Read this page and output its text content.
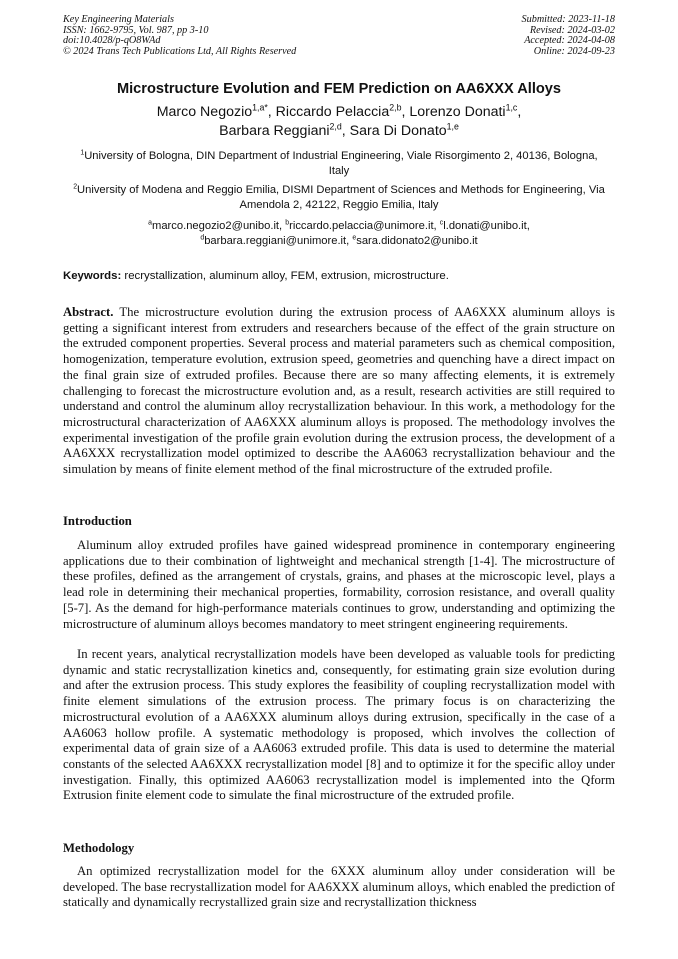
Key Engineering Materials
ISSN: 1662-9795, Vol. 987, pp 3-10
doi:10.4028/p-qO8WAd
© 2024 Trans Tech Publications Ltd, All Rights Reserved
Submitted: 2023-11-18
Revised: 2024-03-02
Accepted: 2024-04-08
Online: 2024-09-23
Microstructure Evolution and FEM Prediction on AA6XXX Alloys
Marco Negozio$^{1,a*}$, Riccardo Pelaccia$^{2,b}$, Lorenzo Donati$^{1,c}$,
Barbara Reggiani$^{2,d}$, Sara Di Donato$^{1,e}$
$^1$University of Bologna, DIN Department of Industrial Engineering, Viale Risorgimento 2, 40136, Bologna, Italy
$^2$University of Modena and Reggio Emilia, DISMI Department of Sciences and Methods for Engineering, Via Amendola 2, 42122, Reggio Emilia, Italy
$^a$marco.negozio2@unibo.it, $^b$riccardo.pelaccia@unimore.it, $^c$l.donati@unibo.it,
$^d$barbara.reggiani@unimore.it, $^e$sara.didonato2@unibo.it
Keywords: recrystallization, aluminum alloy, FEM, extrusion, microstructure.
Abstract. The microstructure evolution during the extrusion process of AA6XXX aluminum alloys is getting a significant interest from extruders and researchers because of the effect of the grain structure on the extruded component properties. Several process and material parameters such as chemical composition, homogenization, temperature evolution, extrusion speed, geometries and quenching have a direct impact on the final grain size of extruded profiles. Because there are so many affecting elements, it is extremely challenging to forecast the microstructure evolution and, as a result, research activities are still required to understand and control the aluminum alloy recrystallization behaviour. In this work, a methodology for the microstructural characterization of AA6XXX aluminum alloys is proposed. The methodology involves the experimental investigation of the profile grain evolution during the extrusion process, the development of a AA6XXX recrystallization model optimized to describe the AA6063 recrystallization behaviour and the simulation by means of finite element method of the final microstructure of the extruded profile.
Introduction
Aluminum alloy extruded profiles have gained widespread prominence in contemporary engineering applications due to their combination of lightweight and mechanical strength [1-4]. The microstructure of these profiles, defined as the arrangement of crystals, grains, and phases at the microscopic level, plays a lead role in determining their mechanical properties, formability, corrosion resistance, and overall quality [5-7]. As the demand for high-performance materials continues to grow, understanding and optimizing the microstructure of aluminum alloys becomes mandatory to meet stringent engineering requirements.
In recent years, analytical recrystallization models have been developed as valuable tools for predicting dynamic and static recrystallization kinetics and, consequently, for estimating grain size evolution during and after the extrusion process. This study explores the feasibility of coupling recrystallization model with finite element simulations of the extrusion process. The primary focus is on characterizing the microstructural evolution of a AA6XXX aluminum alloys during extrusion, specifically in the case of a AA6063 hollow profile. A systematic methodology is proposed, which involves the collection of experimental data of grain size of a AA6063 extruded profile. This data is used to determine the material constants of the selected AA6XXX recrystallization model [8] and to optimize it for the specific alloy under investigation. Finally, this optimized AA6063 recrystallization model is implemented into the Qform Extrusion finite element code to simulate the final microstructure of the extruded profile.
Methodology
An optimized recrystallization model for the 6XXX aluminum alloy under consideration will be developed. The base recrystallization model for AA6XXX aluminum alloys, which enabled the prediction of statically and dynamically recrystallized grain size and recrystallization thickness
